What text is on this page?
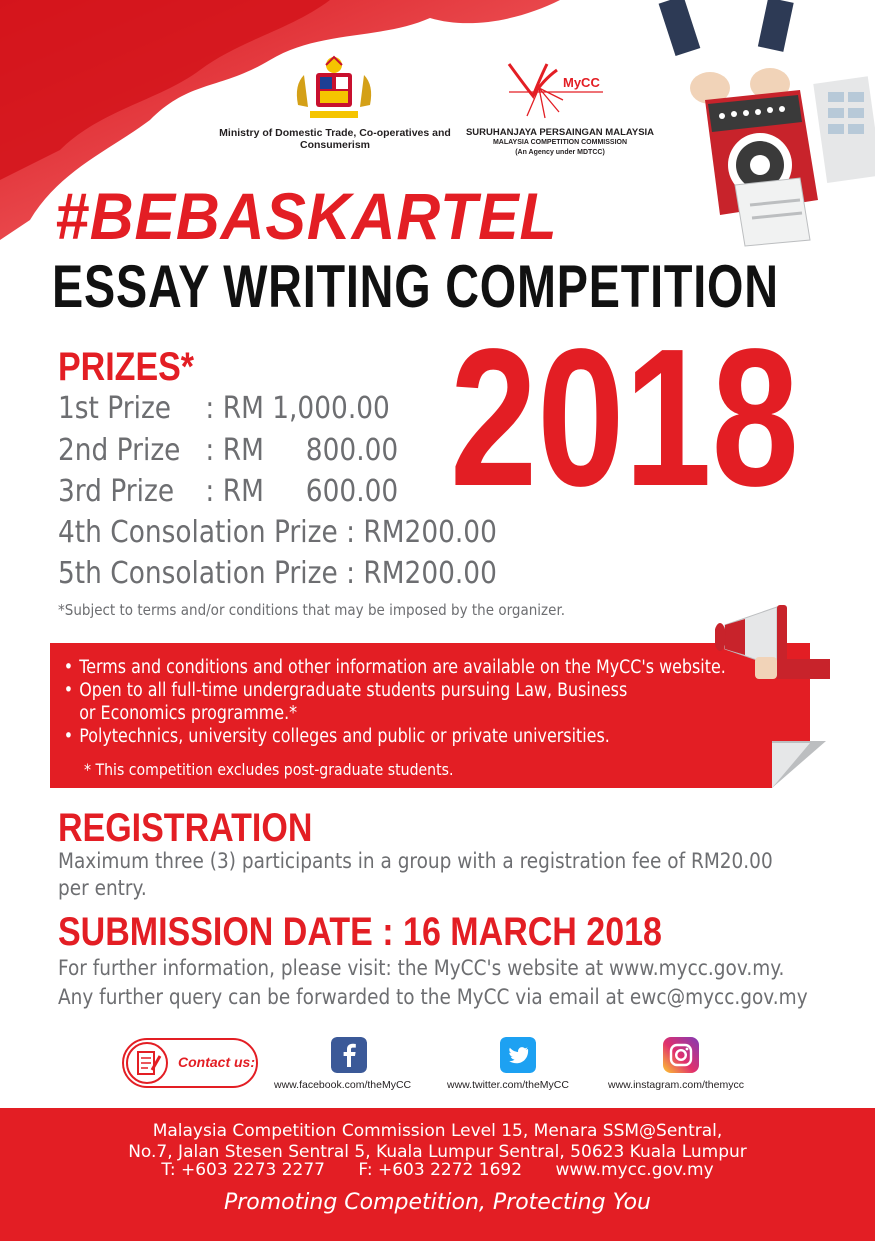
Ministry of Domestic Trade, Co-operatives and Consumerism
MyCC
SURUHANJAYA PERSAINGAN MALAYSIA
MALAYSIA COMPETITION COMMISSION
(An Agency under MDTCC)
#BEBASKARTEL
ESSAY WRITING COMPETITION
2018
PRIZES*
1st Prize : RM 1,000.00
2nd Prize : RM     800.00
3rd Prize : RM     600.00
4th Consolation Prize : RM200.00
5th Consolation Prize : RM200.00
*Subject to terms and/or conditions that may be imposed by the organizer.
• Terms and conditions and other information are available on the MyCC's website.
• Open to all full-time undergraduate students pursuing Law, Business
or Economics programme.*
• Polytechnics, university colleges and public or private universities.
* This competition excludes post-graduate students.
REGISTRATION
Maximum three (3) participants in a group with a registration fee of RM20.00
per entry.
SUBMISSION DATE : 16 MARCH 2018
For further information, please visit: the MyCC's website at www.mycc.gov.my.
Any further query can be forwarded to the MyCC via email at ewc@mycc.gov.my
Contact us:
www.facebook.com/theMyCC	www.twitter.com/theMyCC	www.instagram.com/themycc
Malaysia Competition Commission Level 15, Menara SSM@Sentral,
No.7, Jalan Stesen Sentral 5, Kuala Lumpur Sentral, 50623 Kuala Lumpur
T: +603 2273 2277 F: +603 2272 1692 www.mycc.gov.my
Promoting Competition, Protecting You
